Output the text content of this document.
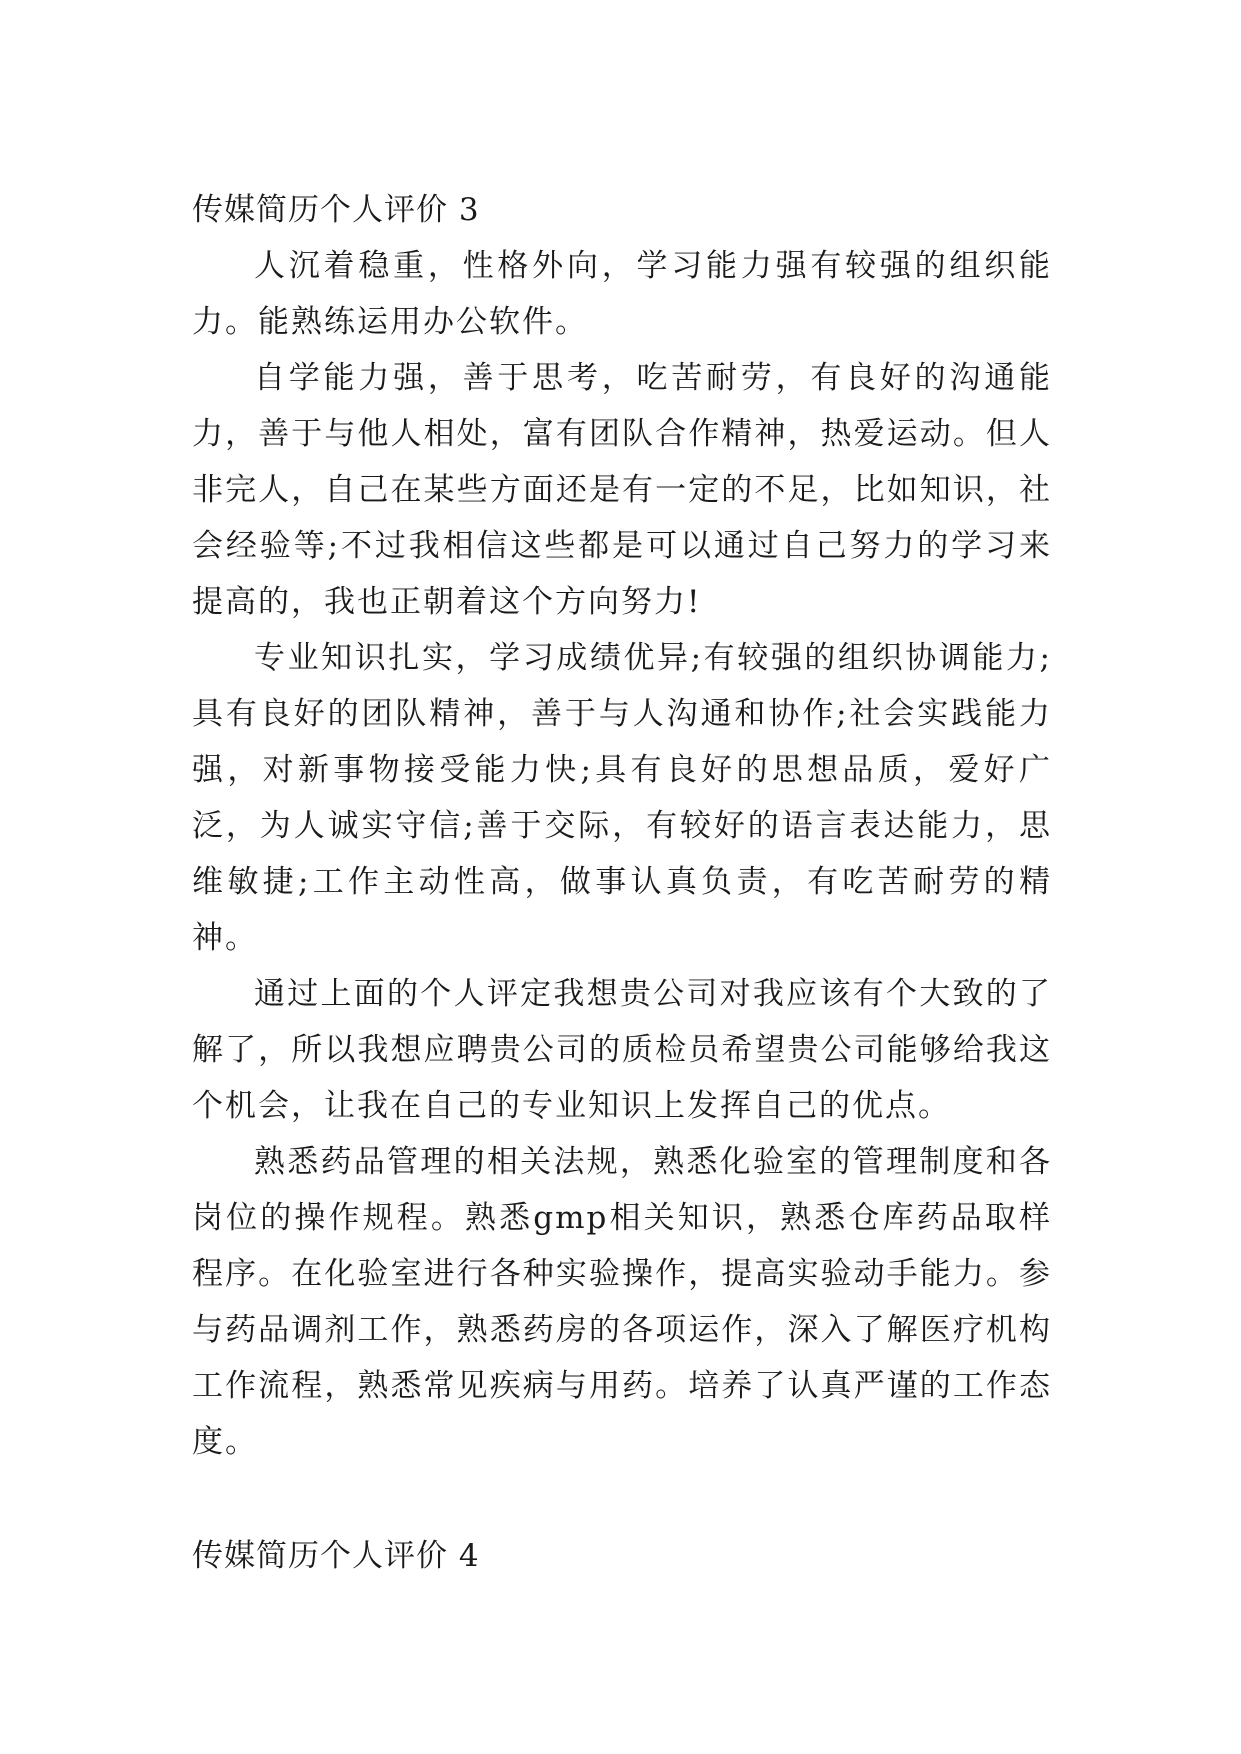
传媒简历个人评价 3

人沉着稳重，性格外向，学习能力强有较强的组织能力。能熟练运用办公软件。

自学能力强，善于思考，吃苦耐劳，有良好的沟通能力，善于与他人相处，富有团队合作精神，热爱运动。但人非完人，自己在某些方面还是有一定的不足，比如知识，社会经验等;不过我相信这些都是可以通过自己努力的学习来提高的，我也正朝着这个方向努力!

专业知识扎实，学习成绩优异;有较强的组织协调能力;具有良好的团队精神，善于与人沟通和协作;社会实践能力强，对新事物接受能力快;具有良好的思想品质，爱好广泛，为人诚实守信;善于交际，有较好的语言表达能力，思维敏捷;工作主动性高，做事认真负责，有吃苦耐劳的精神。

通过上面的个人评定我想贵公司对我应该有个大致的了解了，所以我想应聘贵公司的质检员希望贵公司能够给我这个机会，让我在自己的专业知识上发挥自己的优点。

熟悉药品管理的相关法规，熟悉化验室的管理制度和各岗位的操作规程。熟悉gmp相关知识，熟悉仓库药品取样程序。在化验室进行各种实验操作，提高实验动手能力。参与药品调剂工作，熟悉药房的各项运作，深入了解医疗机构工作流程，熟悉常见疾病与用药。培养了认真严谨的工作态度。

传媒简历个人评价 4
